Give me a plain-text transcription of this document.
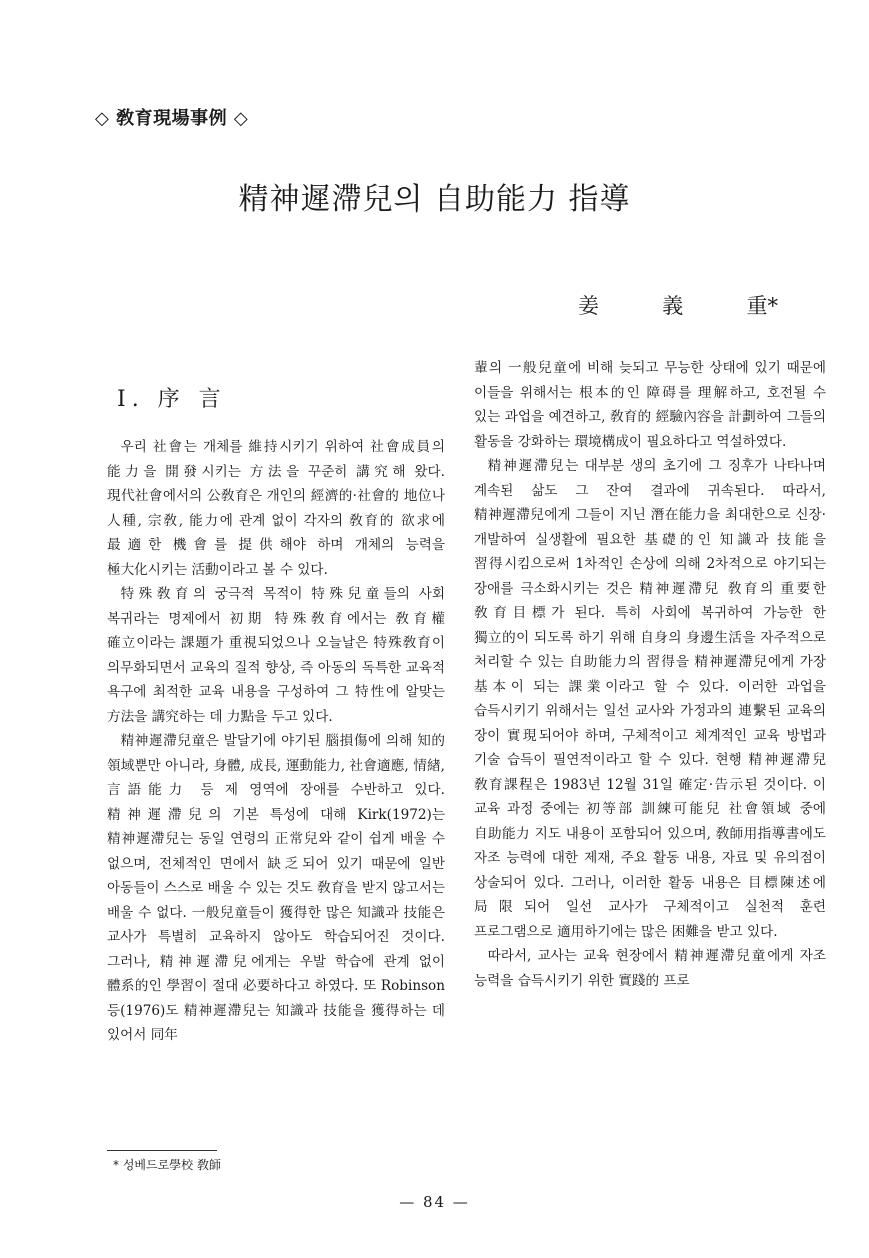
◇ 敎育現場事例 ◇
精神遲滯兒의 自助能力 指導
姜	義	重*
Ⅰ. 序 言

우리 社會는 개체를 維持시키기 위하여 社會成員의 能力을 開發시키는 方法을 꾸준히 講究해 왔다. 現代社會에서의 公敎育은 개인의 經濟的·社會的 地位나 人種, 宗敎, 能力에 관계 없이 각자의 敎育的 欲求에 最適한 機會를 提供해야 하며 개체의 능력을 極大化시키는 活動이라고 볼 수 있다.

特殊敎育의 궁극적 목적이 特殊兒童들의 사회 복귀라는 명제에서 初期 特殊敎育에서는 敎育權 確立이라는 課題가 重視되었으나 오늘날은 特殊敎育이 의무화되면서 교육의 질적 향상, 즉 아동의 독특한 교육적 욕구에 최적한 교육 내용을 구성하여 그 特性에 알맞는 方法을 講究하는 데 力點을 두고 있다.

精神遲滯兒童은 발달기에 야기된 腦損傷에 의해 知的 領域뿐만 아니라, 身體, 成長, 運動能力, 社會適應, 情緖, 言語能力 등 제 영역에 장애를 수반하고 있다. 精神遲滯兒의 기본 특성에 대해 Kirk(1972)는 精神遲滯兒는 동일 연령의 正常兒와 같이 쉽게 배울 수 없으며, 전체적인 면에서 缺乏되어 있기 때문에 일반 아동들이 스스로 배울 수 있는 것도 敎育을 받지 않고서는 배울 수 없다. 一般兒童들이 獲得한 많은 知識과 技能은 교사가 특별히 교육하지 않아도 학습되어진 것이다. 그러나, 精神遲滯兒에게는 우발 학습에 관계 없이 體系的인 學習이 절대 必要하다고 하였다. 또 Robinson 등(1976)도 精神遲滯兒는 知識과 技能을 獲得하는 데 있어서 同年

輩의 一般兒童에 비해 늦되고 무능한 상태에 있기 때문에 이들을 위해서는 根本的인 障碍를 理解하고, 호전될 수 있는 과업을 예견하고, 敎育的 經驗內容을 計劃하여 그들의 활동을 강화하는 環境構成이 필요하다고 역설하였다.

精神遲滯兒는 대부분 생의 초기에 그 징후가 나타나며 계속된 삶도 그 잔여 결과에 귀속된다. 따라서, 精神遲滯兒에게 그들이 지닌 潛在能力을 최대한으로 신장·개발하여 실생활에 필요한 基礎的인 知識과 技能을 習得시킴으로써 1차적인 손상에 의해 2차적으로 야기되는 장애를 극소화시키는 것은 精神遲滯兒 敎育의 重要한 敎育目標가 된다. 특히 사회에 복귀하여 가능한 한 獨立的이 되도록 하기 위해 自身의 身邊生活을 자주적으로 처리할 수 있는 自助能力의 習得을 精神遲滯兒에게 가장 基本이 되는 課業이라고 할 수 있다. 이러한 과업을 습득시키기 위해서는 일선 교사와 가정과의 連繫된 교육의 장이 實現되어야 하며, 구체적이고 체계적인 교육 방법과 기술 습득이 필연적이라고 할 수 있다. 현행 精神遲滯兒 敎育課程은 1983년 12월 31일 確定·告示된 것이다. 이 교육 과정 중에는 初等部 訓練可能兒 社會領域 중에 自助能力 지도 내용이 포함되어 있으며, 敎師用指導書에도 자조 능력에 대한 제재, 주요 활동 내용, 자료 및 유의점이 상술되어 있다. 그러나, 이러한 활동 내용은 目標陳述에 局限되어 일선 교사가 구체적이고 실천적 훈련 프로그램으로 適用하기에는 많은 困難을 받고 있다.

따라서, 교사는 교육 현장에서 精神遲滯兒童에게 자조 능력을 습득시키기 위한 實踐的 프로

* 성베드로學校 敎師
— 84 —
